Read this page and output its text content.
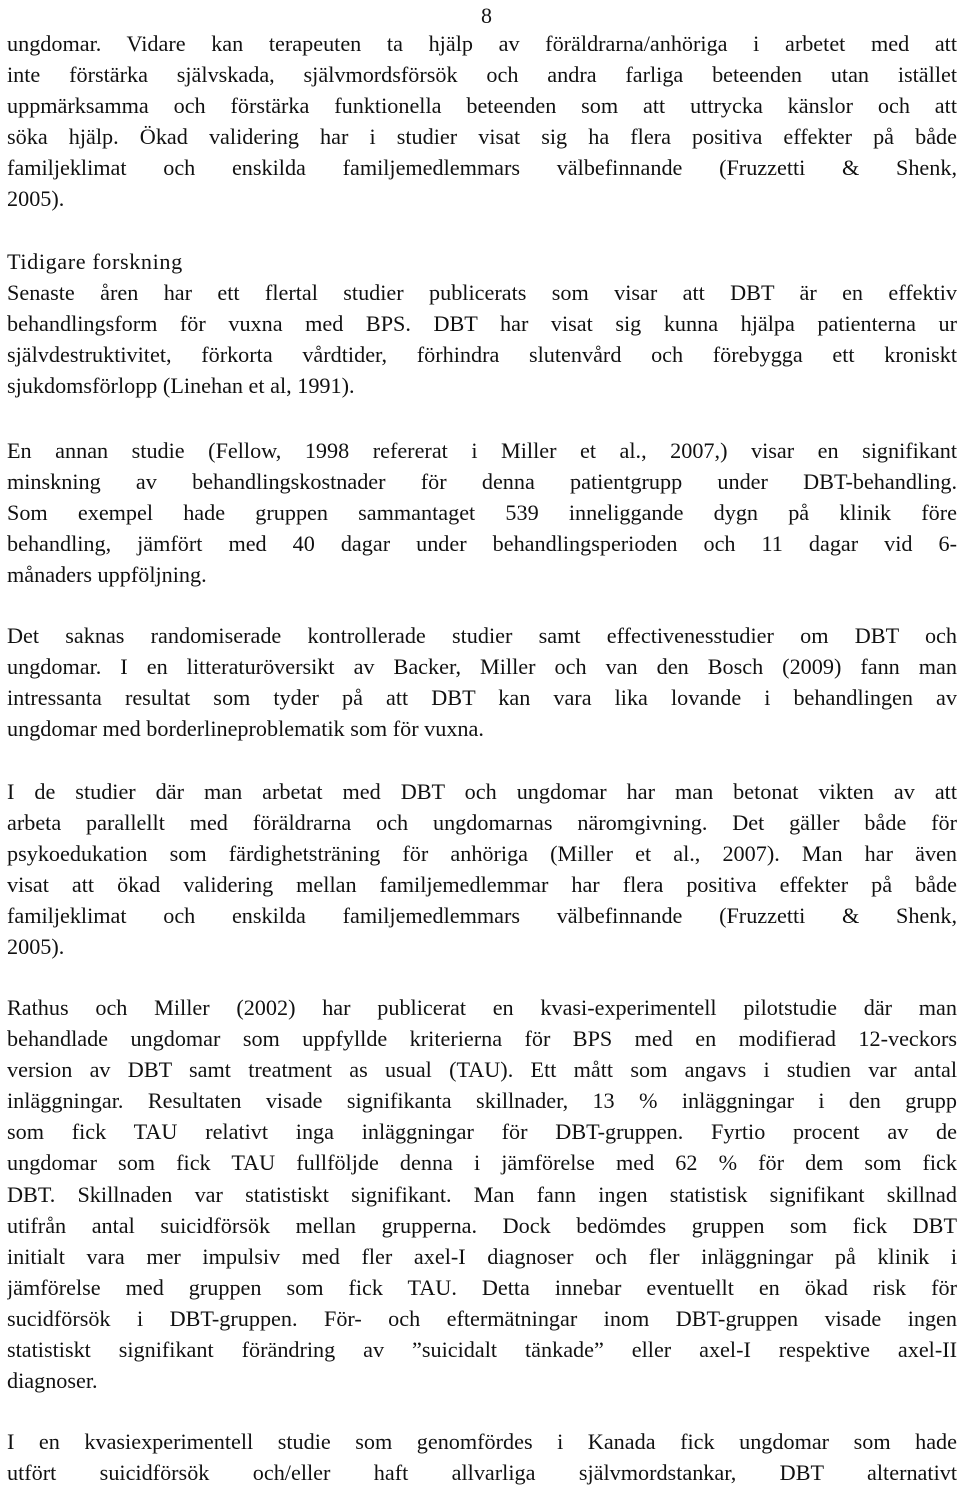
8
ungdomar. Vidare kan terapeuten ta hjälp av föräldrarna/anhöriga i arbetet med att
inte förstärka självskada, självmordsförsök och andra farliga beteenden utan istället
uppmärksamma och förstärka funktionella beteenden som att uttrycka känslor och att
söka hjälp. Ökad validering har i studier visat sig ha flera positiva effekter på både
familjeklimat och enskilda familjemedlemmars välbefinnande (Fruzzetti & Shenk,
2005).
Tidigare forskning
Senaste åren har ett flertal studier publicerats som visar att DBT är en effektiv
behandlingsform för vuxna med BPS. DBT har visat sig kunna hjälpa patienterna ur
självdestruktivitet, förkorta vårdtider, förhindra slutenvård och förebygga ett kroniskt
sjukdomsförlopp (Linehan et al, 1991).
En annan studie (Fellow, 1998 refererat i Miller et al., 2007,) visar en signifikant
minskning av behandlingskostnader för denna patientgrupp under DBT-behandling.
Som exempel hade gruppen sammantaget 539 inneliggande dygn på klinik före
behandling, jämfört med 40 dagar under behandlingsperioden och 11 dagar vid 6-
månaders uppföljning.
Det saknas randomiserade kontrollerade studier samt effectivenesstudier om DBT och
ungdomar. I en litteraturöversikt av Backer, Miller och van den Bosch (2009) fann man
intressanta resultat som tyder på att DBT kan vara lika lovande i behandlingen av
ungdomar med borderlineproblematik som för vuxna.
I de studier där man arbetat med DBT och ungdomar har man betonat vikten av att
arbeta parallellt med föräldrarna och ungdomarnas näromgivning. Det gäller både för
psykoedukation som färdighetsträning för anhöriga (Miller et al., 2007). Man har även
visat att ökad validering mellan familjemedlemmar har flera positiva effekter på både
familjeklimat och enskilda familjemedlemmars välbefinnande (Fruzzetti & Shenk,
2005).
Rathus och Miller (2002) har publicerat en kvasi-experimentell pilotstudie där man
behandlade ungdomar som uppfyllde kriterierna för BPS med en modifierad 12-veckors
version av DBT samt treatment as usual (TAU). Ett mått som angavs i studien var antal
inläggningar. Resultaten visade signifikanta skillnader, 13 % inläggningar i den grupp
som fick TAU relativt inga inläggningar för DBT-gruppen. Fyrtio procent av de
ungdomar som fick TAU fullföljde denna i jämförelse med 62 % för dem som fick
DBT. Skillnaden var statistiskt signifikant. Man fann ingen statistisk signifikant skillnad
utifrån antal suicidförsök mellan grupperna. Dock bedömdes gruppen som fick DBT
initialt vara mer impulsiv med fler axel-I diagnoser och fler inläggningar på klinik i
jämförelse med gruppen som fick TAU. Detta innebar eventuellt en ökad risk för
sucidförsök i DBT-gruppen. För- och eftermätningar inom DBT-gruppen visade ingen
statistiskt signifikant förändring av ”suicidalt tänkade” eller axel-I respektive axel-II
diagnoser.
I en kvasiexperimentell studie som genomfördes i Kanada fick ungdomar som hade
utfört suicidförsök och/eller haft allvarliga självmordstankar, DBT alternativt
